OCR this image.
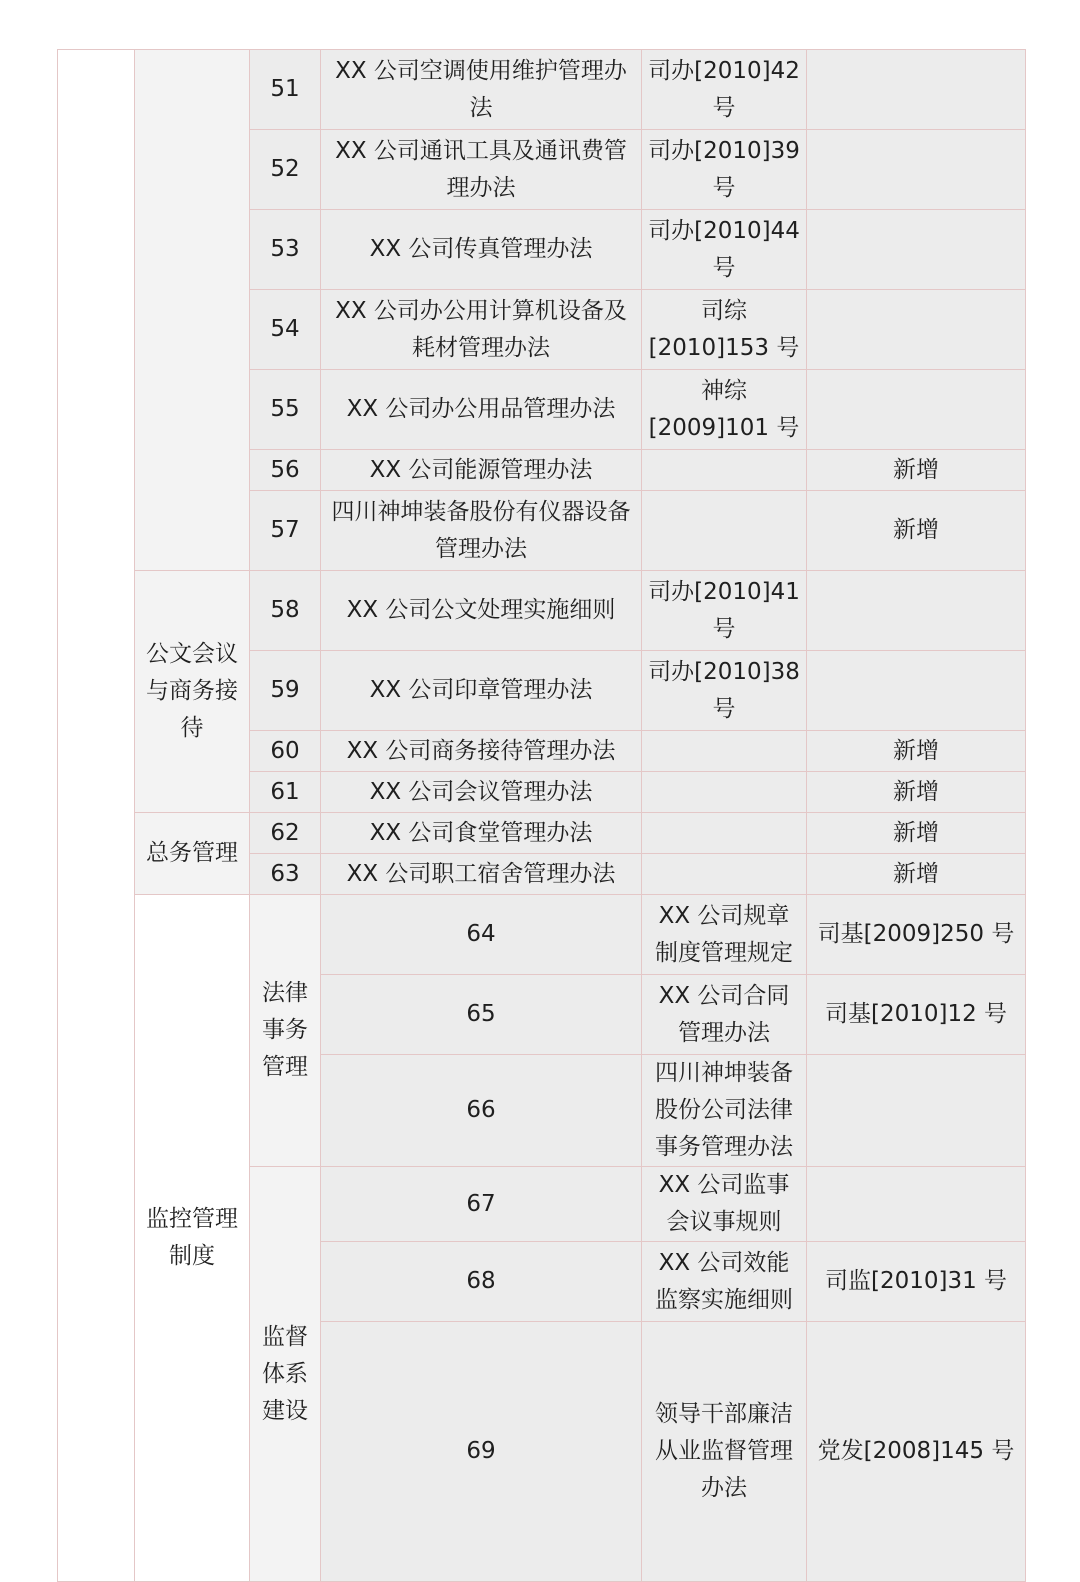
		51	XX 公司空调使用维护管理办法	司办[2010]42 号		
		52	XX 公司通讯工具及通讯费管理办法	司办[2010]39 号		
		53	XX 公司传真管理办法	司办[2010]44 号		
		54	XX 公司办公用计算机设备及耗材管理办法	司综[2010]153 号		
		55	XX 公司办公用品管理办法	神综[2009]101 号		
		56	XX 公司能源管理办法		新增	
		57	四川神坤装备股份有仪器设备管理办法		新增	
	公文会议与商务接待	58	XX 公司公文处理实施细则	司办[2010]41 号		
		59	XX 公司印章管理办法	司办[2010]38 号		
		60	XX 公司商务接待管理办法		新增	
		61	XX 公司会议管理办法		新增	
	总务管理	62	XX 公司食堂管理办法		新增	
		63	XX 公司职工宿舍管理办法		新增	
	监控管理制度	法律事务管理	64	XX 公司规章制度管理规定	司基[2009]250 号	
			65	XX 公司合同管理办法	司基[2010]12 号	
			66	四川神坤装备股份公司法律事务管理办法		
		监督体系建设	67	XX 公司监事会议事规则		
			68	XX 公司效能监察实施细则	司监[2010]31 号	
			69	领导干部廉洁从业监督管理办法	党发[2008]145 号	
